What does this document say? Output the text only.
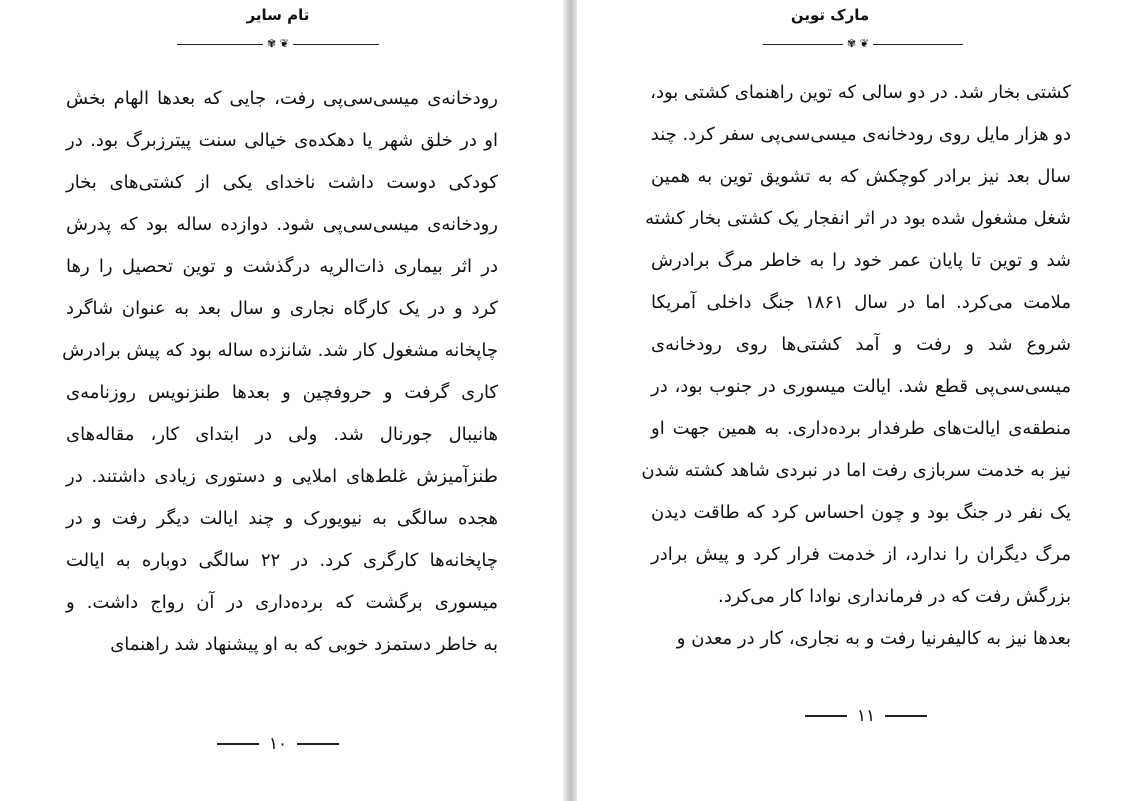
تام سایر
✾ ❦
رودخانه‌ی میسی‌سی‌پی رفت، جایی که بعدها الهام بخش
او در خلق شهر یا دهکده‌ی خیالی سنت پیترزبرگ بود. در
کودکی دوست داشت ناخدای یکی از کشتی‌های بخار
رودخانه‌ی میسی‌سی‌پی شود. دوازده ساله بود که پدرش
در اثر بیماری ذات‌الریه درگذشت و توین تحصیل را رها
کرد و در یک کارگاه نجاری و سال بعد به عنوان شاگرد
چاپخانه مشغول کار شد. شانزده ساله بود که پیش برادرش
کاری گرفت و حروفچین و بعدها طنزنویس روزنامه‌ی
هانیبال جورنال شد. ولی در ابتدای کار، مقاله‌های
طنزآمیزش غلط‌های املایی و دستوری زیادی داشتند. در
هجده سالگی به نیویورک و چند ایالت دیگر رفت و در
چاپخانه‌ها کارگری کرد. در ۲۲ سالگی دوباره به ایالت
میسوری برگشت که برده‌داری در آن رواج داشت. و
به خاطر دستمزد خوبی که به او پیشنهاد شد راهنمای
۱۰
مارک توین
✾ ❦
کشتی بخار شد. در دو سالی که توین راهنمای کشتی بود،
دو هزار مایل روی رودخانه‌ی میسی‌سی‌پی سفر کرد. چند
سال بعد نیز برادر کوچکش که به تشویق توین به همین
شغل مشغول شده بود در اثر انفجار یک کشتی بخار کشته
شد و توین تا پایان عمر خود را به خاطر مرگ برادرش
ملامت می‌کرد. اما در سال ۱۸۶۱ جنگ داخلی آمریکا
شروع شد و رفت و آمد کشتی‌ها روی رودخانه‌ی
میسی‌سی‌پی قطع شد. ایالت میسوری در جنوب بود، در
منطقه‌ی ایالت‌های طرفدار برده‌داری. به همین جهت او
نیز به خدمت سربازی رفت اما در نبردی شاهد کشته شدن
یک نفر در جنگ بود و چون احساس کرد که طاقت دیدن
مرگ دیگران را ندارد، از خدمت فرار کرد و پیش برادر
بزرگش رفت که در فرمانداری نوادا کار می‌کرد.
بعدها نیز به کالیفرنیا رفت و به نجاری، کار در معدن و
۱۱
